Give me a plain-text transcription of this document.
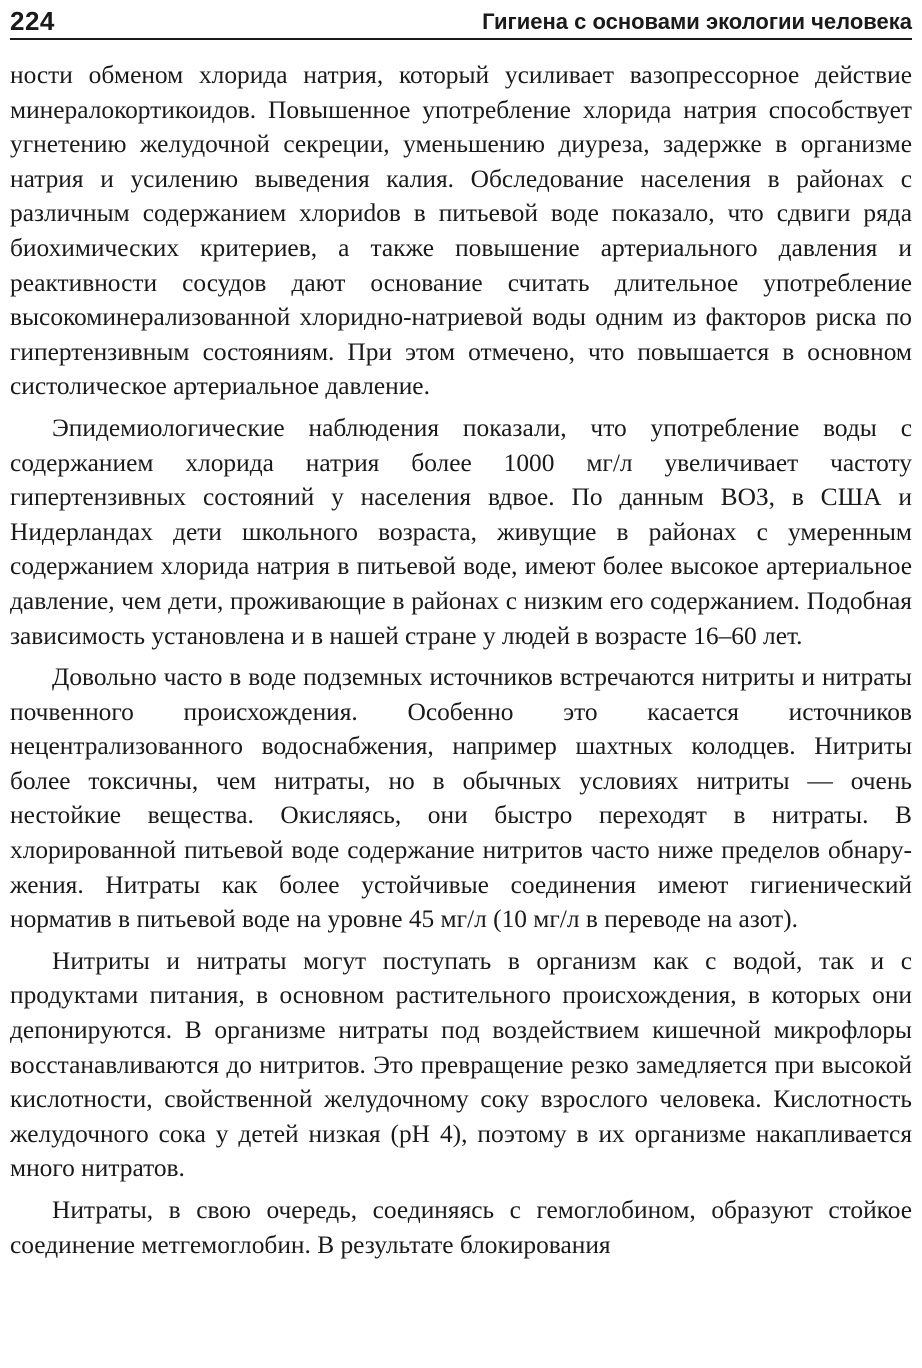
224	Гигиена с основами экологии человека

ности обменом хлорида натрия, который усиливает вазопрессорное действие минералокортикоидов. Повышенное употребление хлорида натрия способствует угнетению желудочной секреции, уменьшению диуреза, задержке в организме натрия и усилению выведения калия. Обследование населения в районах с различным содержанием хлориdов в питьевой воде показало, что сдвиги ряда биохимических критериев, а также повышение артериального давления и реактивности сосудов дают основание считать длительное употребление высокоминерализованной хлоридно-натриевой воды одним из факторов риска по гипертензивным состояниям. При этом отмечено, что повышается в основном систолическое артериальное давление.

Эпидемиологические наблюдения показали, что употребление воды с содержанием хлорида натрия более 1000 мг/л увеличивает частоту гипертензивных состояний у населения вдвое. По данным ВОЗ, в США и Нидерландах дети школьного возраста, живущие в районах с умеренным содержанием хлорида натрия в питьевой воде, имеют более высокое артериальное давление, чем дети, проживающие в районах с низким его содержанием. Подобная зависимость установлена и в нашей стране у людей в возрасте 16–60 лет.

Довольно часто в воде подземных источников встречаются нитриты и нитраты почвенного происхождения. Особенно это касается источников нецентрализованного водоснабжения, например шахтных колодцев. Нитриты более токсичны, чем нитраты, но в обычных условиях нитриты — очень нестойкие вещества. Окисляясь, они быстро переходят в нитраты. В хлорированной питьевой воде содержание нитритов часто ниже пределов обнаружения. Нитраты как более устойчивые соединения имеют гигиенический норматив в питьевой воде на уровне 45 мг/л (10 мг/л в переводе на азот).

Нитриты и нитраты могут поступать в организм как с водой, так и с продуктами питания, в основном растительного происхождения, в которых они депонируются. В организме нитраты под воздействием кишечной микрофлоры восстанавливаются до нитритов. Это превращение резко замедляется при высокой кислотности, свойственной желудочному соку взрослого человека. Кислотность желудочного сока у детей низкая (pH 4), поэтому в их организме накапливается много нитратов.

Нитраты, в свою очередь, соединяясь с гемоглобином, образуют стойкое соединение метгемоглобин. В результате блокирования
